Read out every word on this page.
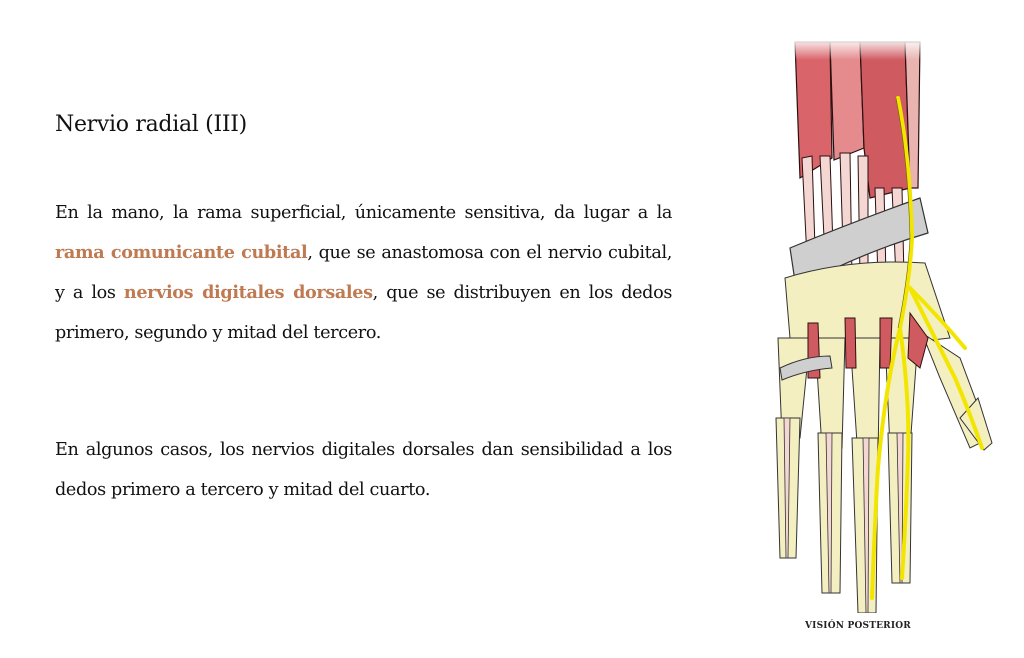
Nervio radial (III)

En la mano, la rama superficial, únicamente sensitiva, da lugar a la rama comunicante cubital, que se anastomosa con el nervio cubital, y a los nervios digitales dorsales, que se distribuyen en los dedos primero, segundo y mitad del tercero.

En algunos casos, los nervios digitales dorsales dan sensibilidad a los dedos primero a tercero y mitad del cuarto.

VISIÓN POSTERIOR
